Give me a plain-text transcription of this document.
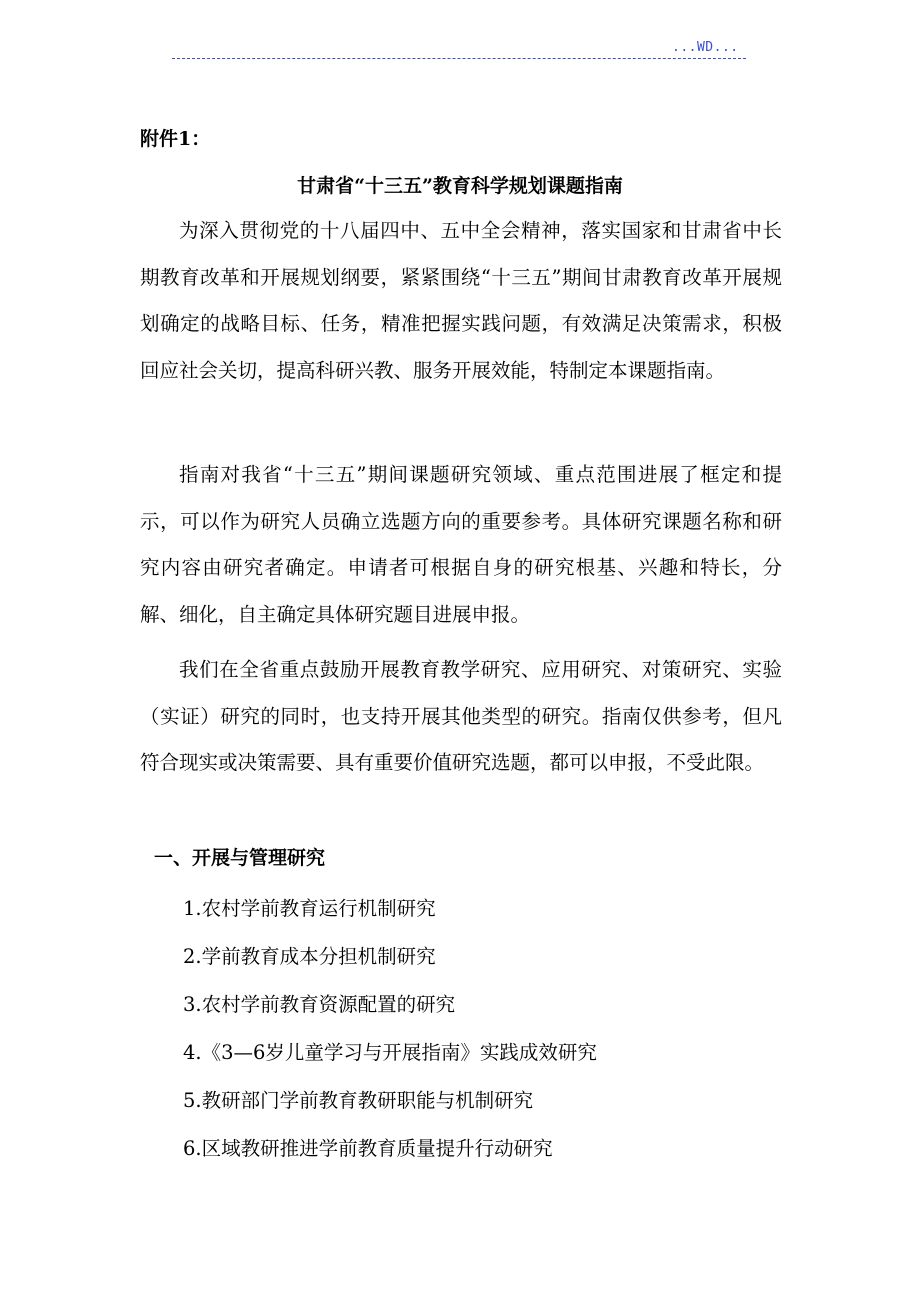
...WD...
附件1：
甘肃省“十三五”教育科学规划课题指南

为深入贯彻党的十八届四中、五中全会精神，落实国家和甘肃省中长期教育改革和开展规划纲要，紧紧围绕“十三五”期间甘肃教育改革开展规划确定的战略目标、任务，精准把握实践问题，有效满足决策需求，积极回应社会关切，提高科研兴教、服务开展效能，特制定本课题指南。

指南对我省“十三五”期间课题研究领域、重点范围进展了框定和提示，可以作为研究人员确立选题方向的重要参考。具体研究课题名称和研究内容由研究者确定。申请者可根据自身的研究根基、兴趣和特长，分解、细化，自主确定具体研究题目进展申报。

我们在全省重点鼓励开展教育教学研究、应用研究、对策研究、实验（实证）研究的同时，也支持开展其他类型的研究。指南仅供参考，但凡符合现实或决策需要、具有重要价值研究选题，都可以申报，不受此限。

一、开展与管理研究
1.农村学前教育运行机制研究
2.学前教育成本分担机制研究
3.农村学前教育资源配置的研究
4.《3—6岁儿童学习与开展指南》实践成效研究
5.教研部门学前教育教研职能与机制研究
6.区域教研推进学前教育质量提升行动研究
